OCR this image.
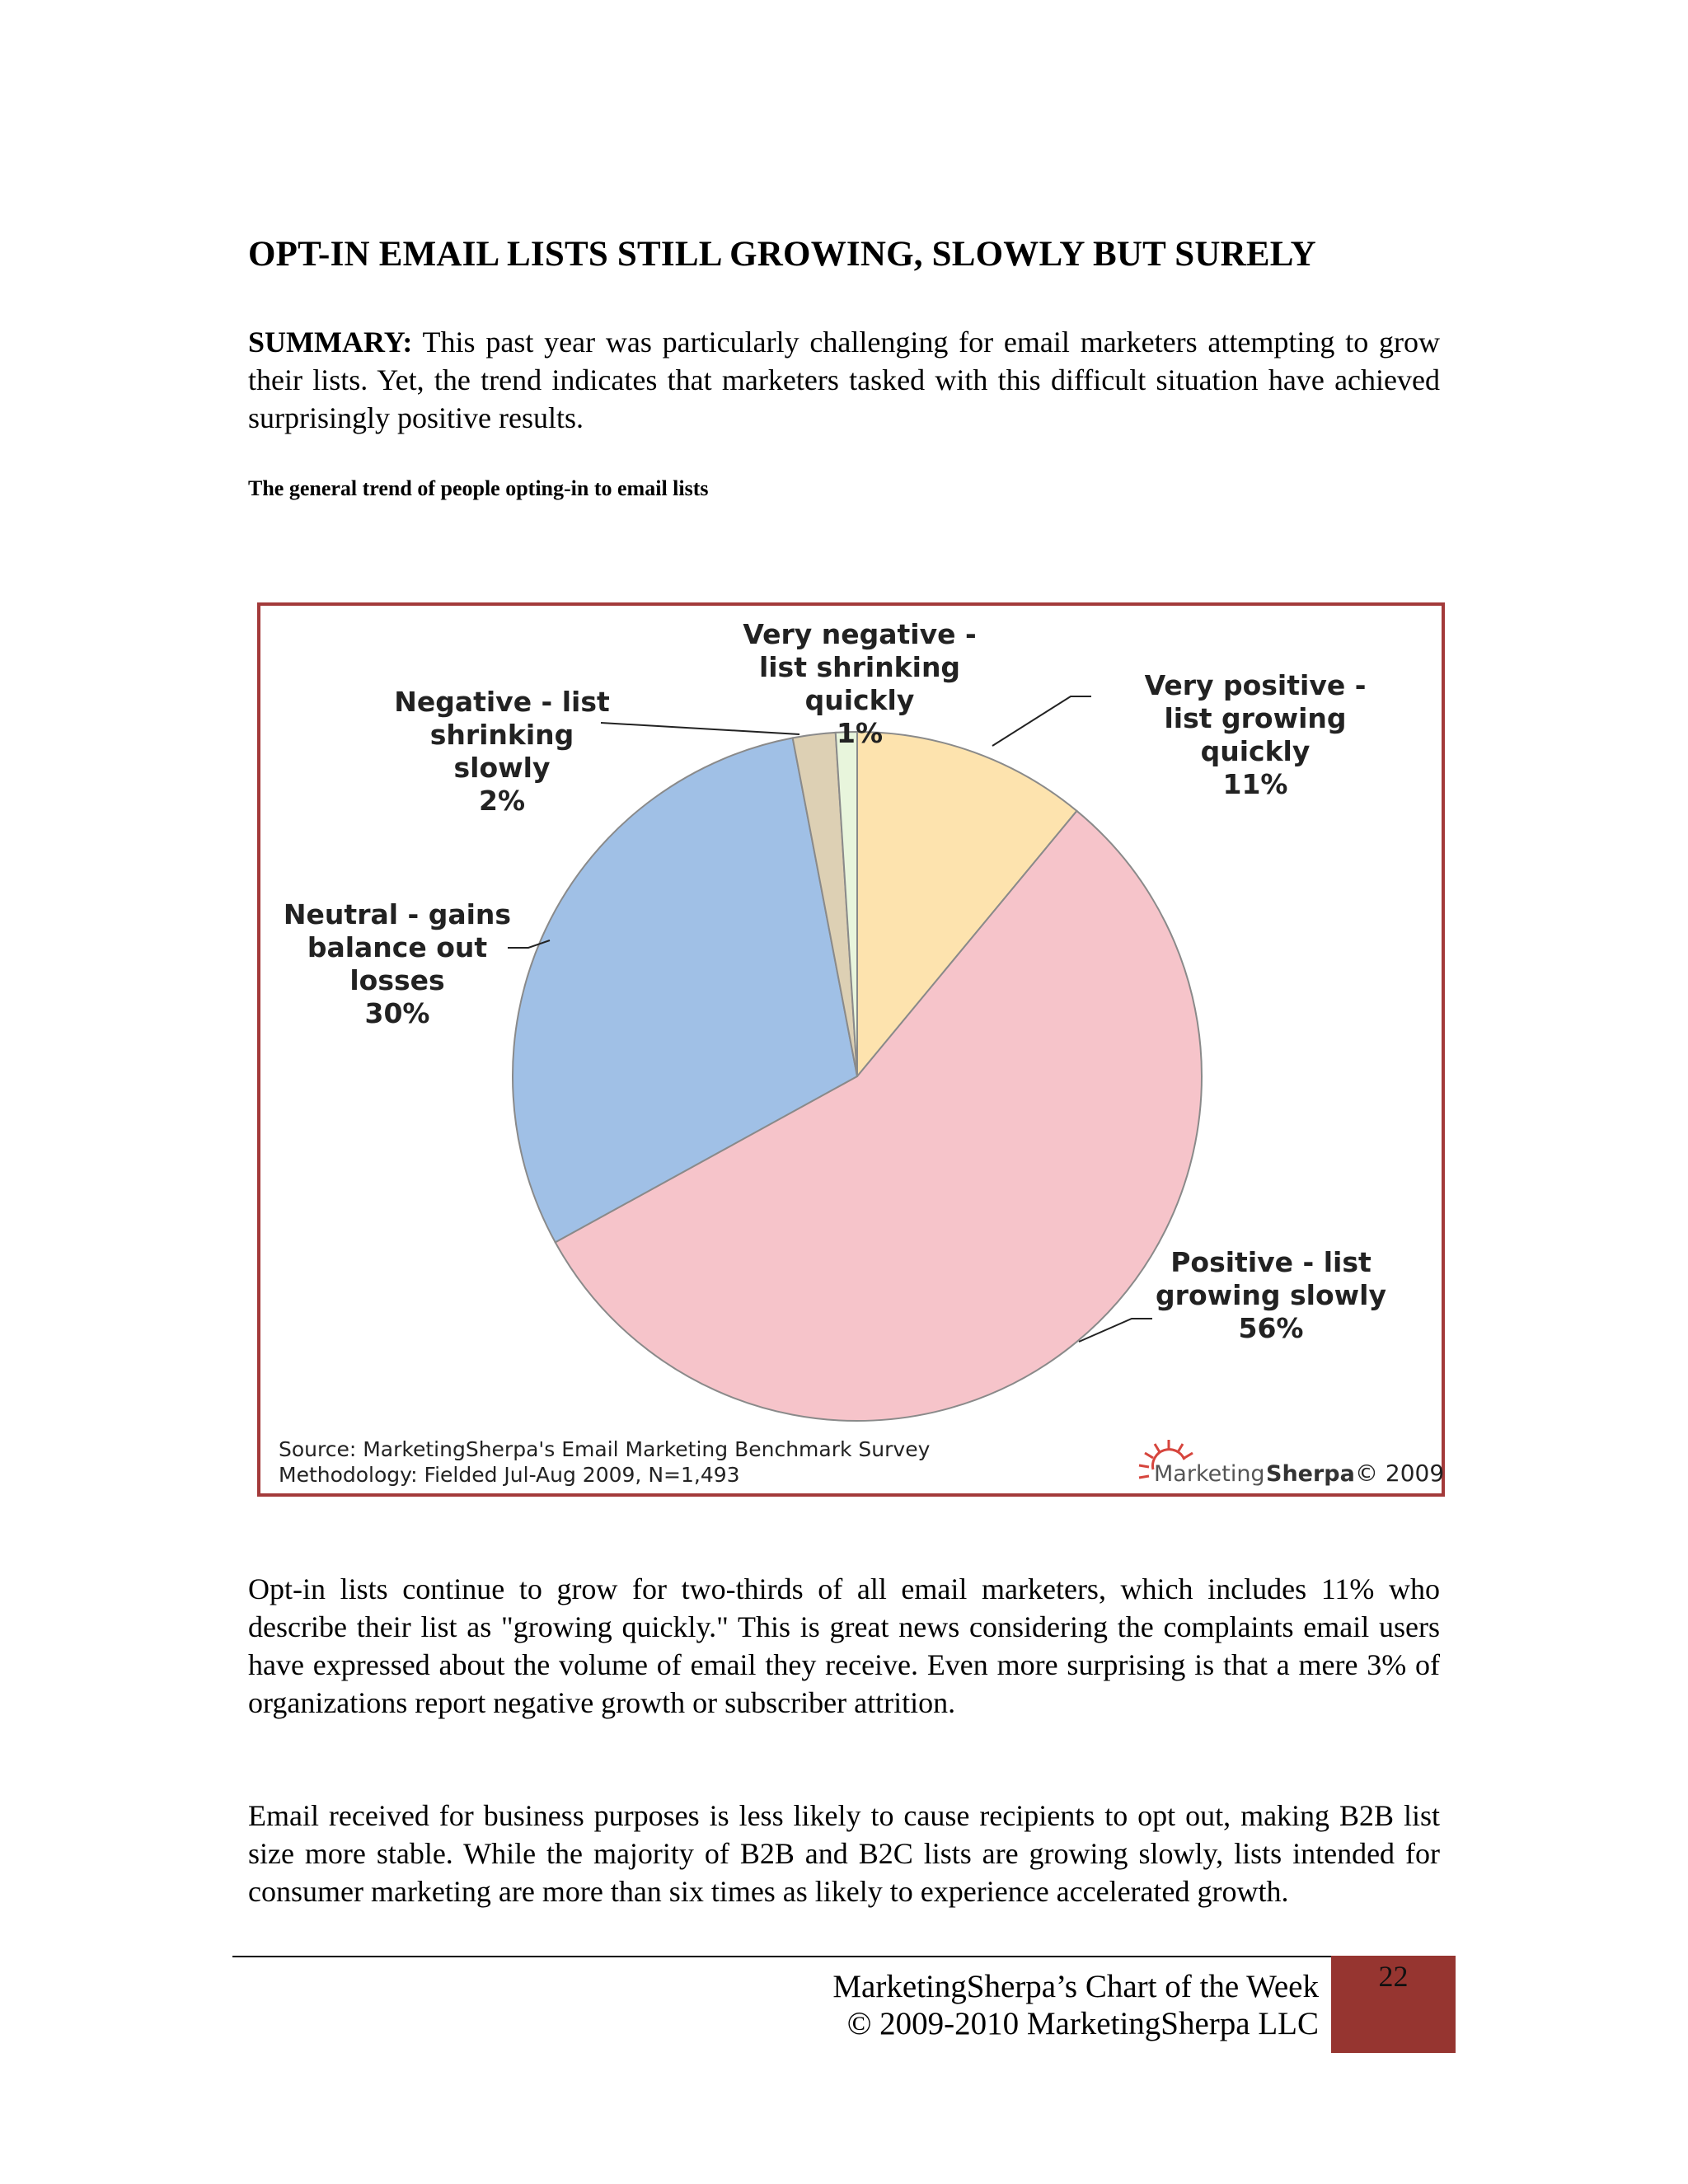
OPT-IN EMAIL LISTS STILL GROWING, SLOWLY BUT SURELY
SUMMARY: This past year was particularly challenging for email marketers attempting to grow their lists. Yet, the trend indicates that marketers tasked with this difficult situation have achieved surprisingly positive results.
The general trend of people opting-in to email lists
Very positive -
list growing
quickly
11%
Positive - list
growing slowly
56%
Neutral - gains
balance out
losses
30%
Negative - list
shrinking
slowly
2%
Very negative -
list shrinking
quickly
1%
Source: MarketingSherpa's Email Marketing Benchmark Survey
Methodology: Fielded Jul-Aug 2009, N=1,493	Marketing Sherpa © 2009
Opt-in lists continue to grow for two-thirds of all email marketers, which includes 11% who describe their list as "growing quickly." This is great news considering the complaints email users have expressed about the volume of email they receive. Even more surprising is that a mere 3% of organizations report negative growth or subscriber attrition.
Email received for business purposes is less likely to cause recipients to opt out, making B2B list size more stable. While the majority of B2B and B2C lists are growing slowly, lists intended for consumer marketing are more than six times as likely to experience accelerated growth.
MarketingSherpa’s Chart of the Week
© 2009-2010 MarketingSherpa LLC
22
